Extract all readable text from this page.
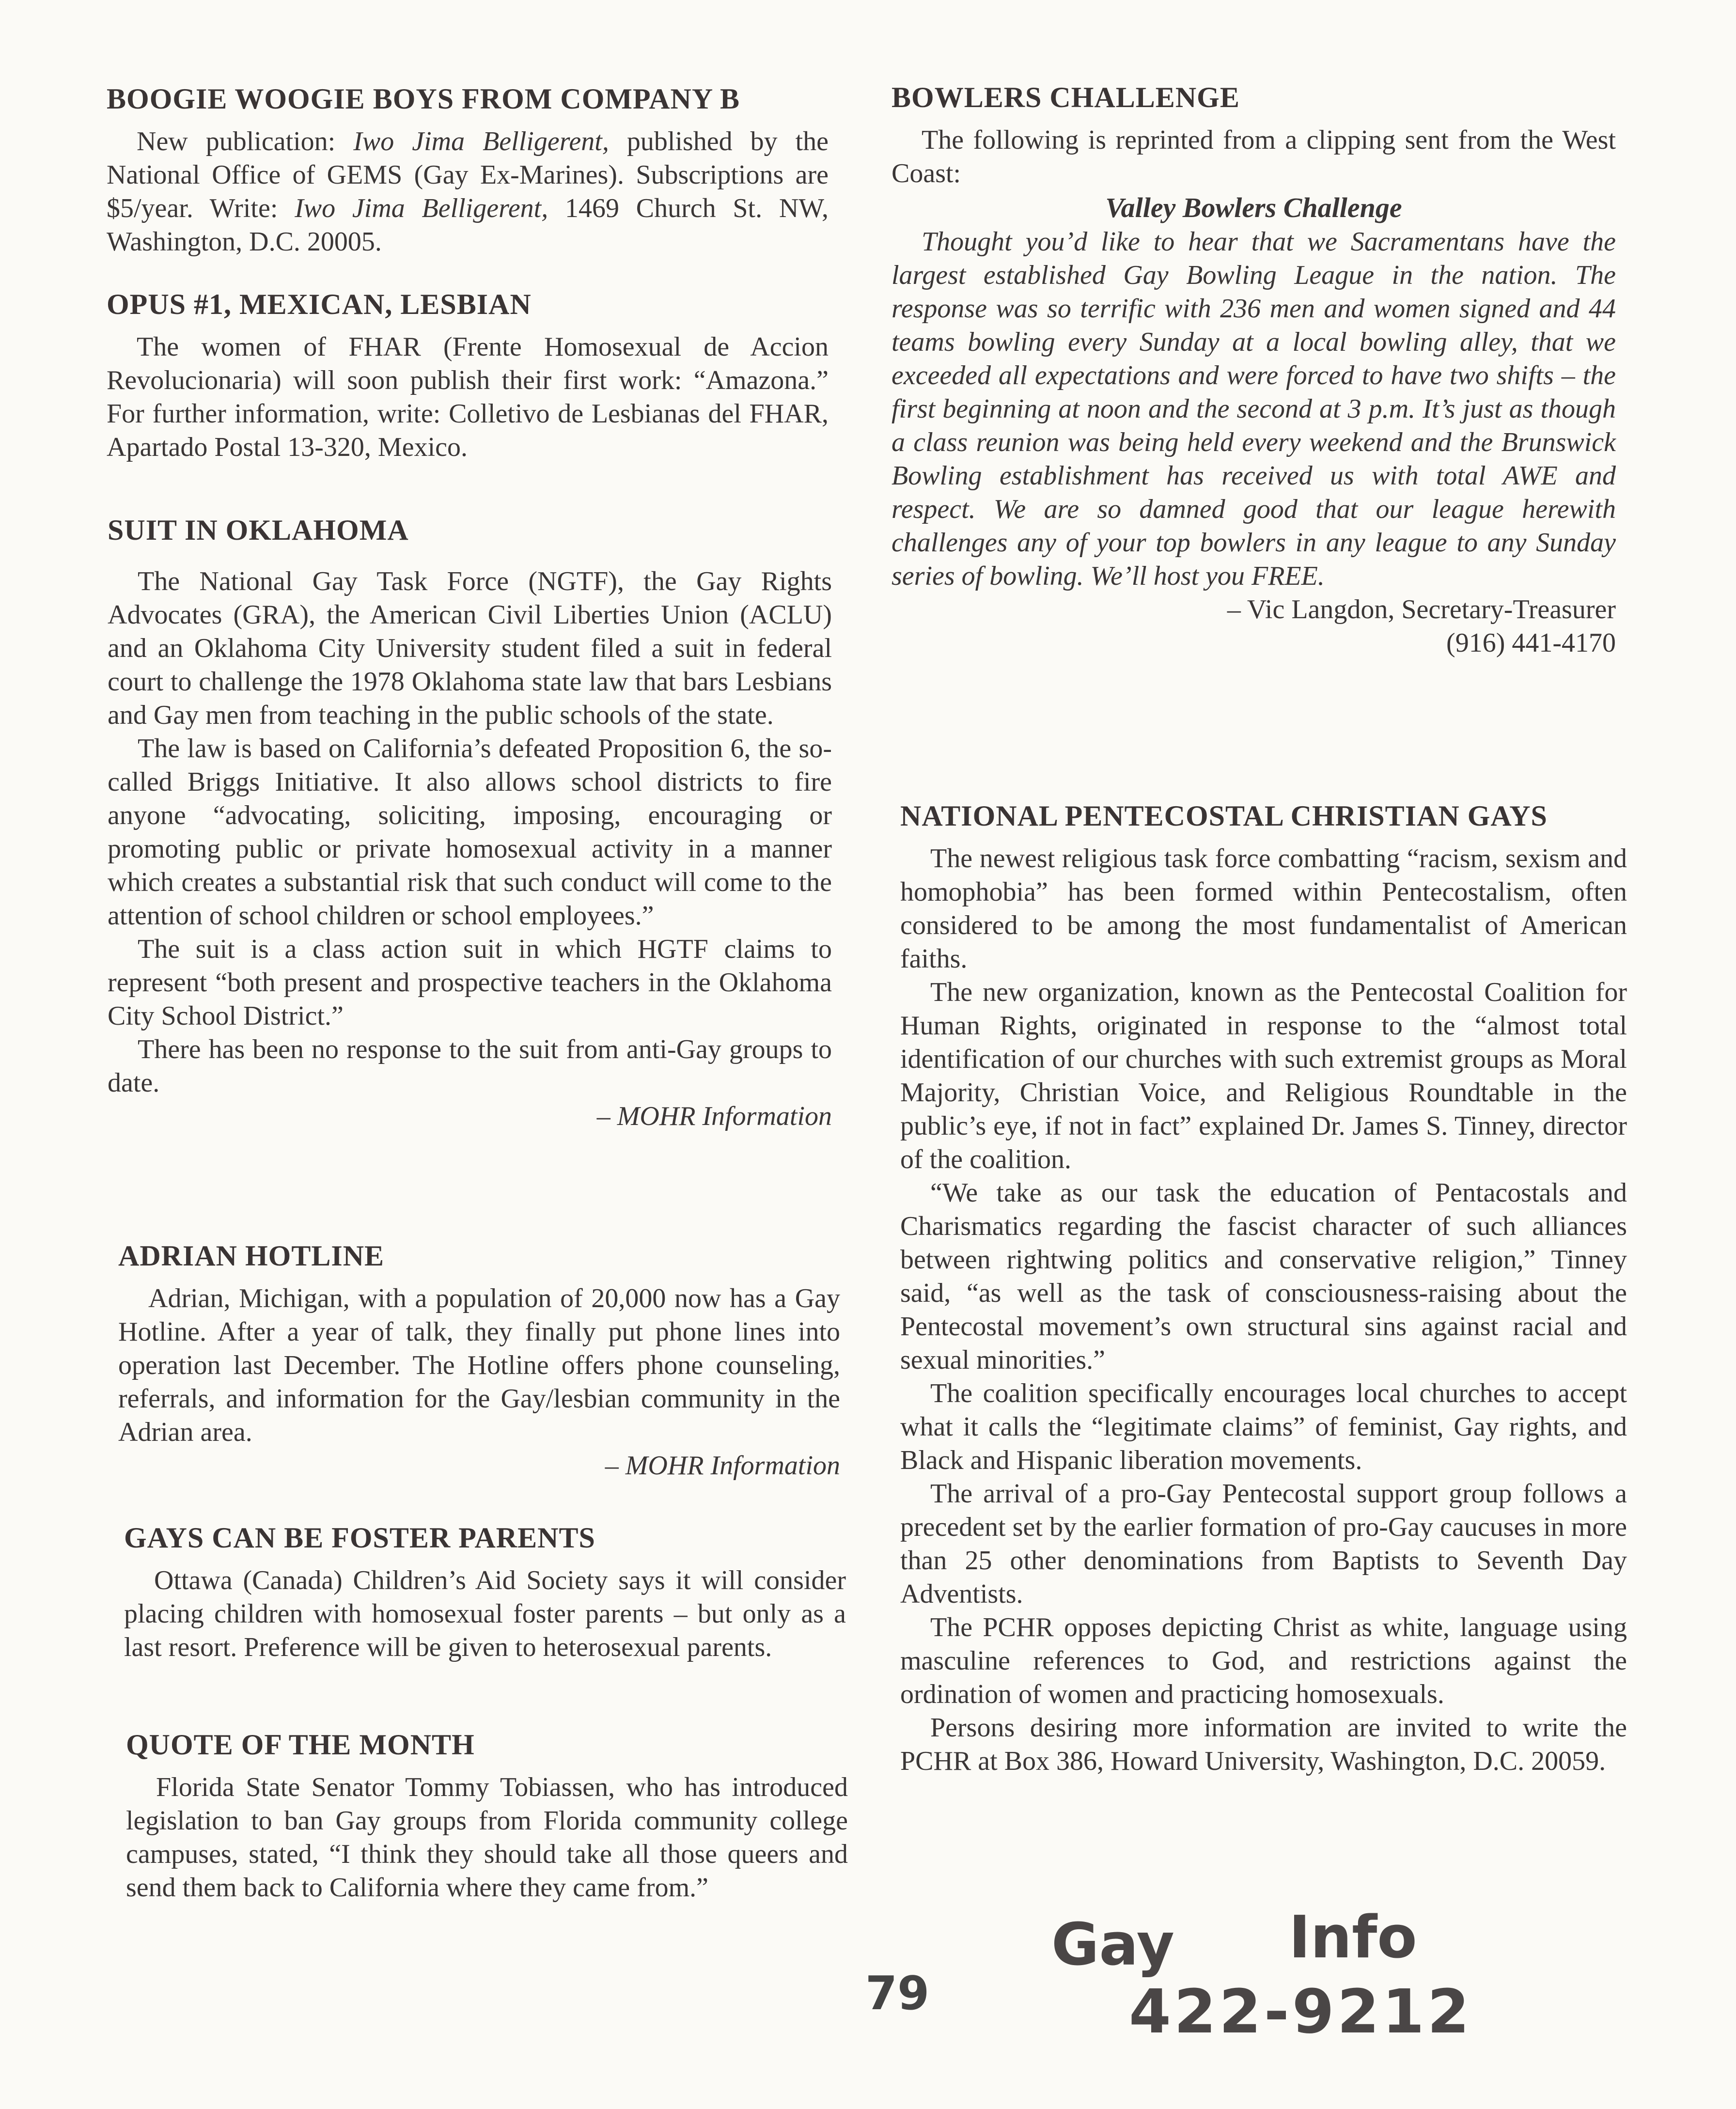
BOOGIE WOOGIE BOYS FROM COMPANY B

New publication: Iwo Jima Belligerent, published by the National Office of GEMS (Gay Ex-Marines). Subscriptions are $5/year. Write: Iwo Jima Belligerent, 1469 Church St. NW, Washington, D.C. 20005.

OPUS #1, MEXICAN, LESBIAN

The women of FHAR (Frente Homosexual de Accion Revolucionaria) will soon publish their first work: “Amazona.” For further information, write: Colletivo de Lesbianas del FHAR, Apartado Postal 13-320, Mexico.

SUIT IN OKLAHOMA

The National Gay Task Force (NGTF), the Gay Rights Advocates (GRA), the American Civil Liberties Union (ACLU) and an Oklahoma City University student filed a suit in federal court to challenge the 1978 Oklahoma state law that bars Lesbians and Gay men from teaching in the public schools of the state.

The law is based on California’s defeated Proposition 6, the so-called Briggs Initiative. It also allows school districts to fire anyone “advocating, soliciting, imposing, encouraging or promoting public or private homosexual activity in a manner which creates a substantial risk that such conduct will come to the attention of school children or school employees.”

The suit is a class action suit in which HGTF claims to represent “both present and prospective teachers in the Oklahoma City School District.”

There has been no response to the suit from anti-Gay groups to date.

– MOHR Information
ADRIAN HOTLINE

Adrian, Michigan, with a population of 20,000 now has a Gay Hotline. After a year of talk, they finally put phone lines into operation last December. The Hotline offers phone counseling, referrals, and information for the Gay/lesbian community in the Adrian area.

– MOHR Information
GAYS CAN BE FOSTER PARENTS

Ottawa (Canada) Children’s Aid Society says it will consider placing children with homosexual foster parents – but only as a last resort. Preference will be given to heterosexual parents.

QUOTE OF THE MONTH

Florida State Senator Tommy Tobiassen, who has introduced legislation to ban Gay groups from Florida community college campuses, stated, “I think they should take all those queers and send them back to California where they came from.”

BOWLERS CHALLENGE

The following is reprinted from a clipping sent from the West Coast:

Valley Bowlers Challenge

Thought you’d like to hear that we Sacramentans have the largest established Gay Bowling League in the nation. The response was so terrific with 236 men and women signed and 44 teams bowling every Sunday at a local bowling alley, that we exceeded all expectations and were forced to have two shifts – the first beginning at noon and the second at 3 p.m. It’s just as though a class reunion was being held every weekend and the Brunswick Bowling establishment has received us with total AWE and respect. We are so damned good that our league herewith challenges any of your top bowlers in any league to any Sunday series of bowling. We’ll host you FREE.

– Vic Langdon, Secretary-Treasurer
(916) 441-4170
NATIONAL PENTECOSTAL CHRISTIAN GAYS

The newest religious task force combatting “racism, sexism and homophobia” has been formed within Pentecostalism, often considered to be among the most fundamentalist of American faiths.

The new organization, known as the Pentecostal Coalition for Human Rights, originated in response to the “almost total identification of our churches with such extremist groups as Moral Majority, Christian Voice, and Religious Roundtable in the public’s eye, if not in fact” explained Dr. James S. Tinney, director of the coalition.

“We take as our task the education of Pentacostals and Charismatics regarding the fascist character of such alliances between rightwing politics and conservative religion,” Tinney said, “as well as the task of consciousness-raising about the Pentecostal movement’s own structural sins against racial and sexual minorities.”

The coalition specifically encourages local churches to accept what it calls the “legitimate claims” of feminist, Gay rights, and Black and Hispanic liberation movements.

The arrival of a pro-Gay Pentecostal support group follows a precedent set by the earlier formation of pro-Gay caucuses in more than 25 other denominations from Baptists to Seventh Day Adventists.

The PCHR opposes depicting Christ as white, language using masculine references to God, and restrictions against the ordination of women and practicing homosexuals.

Persons desiring more information are invited to write the PCHR at Box 386, Howard University, Washington, D.C. 20059.

79
Gay Info
422-9212
